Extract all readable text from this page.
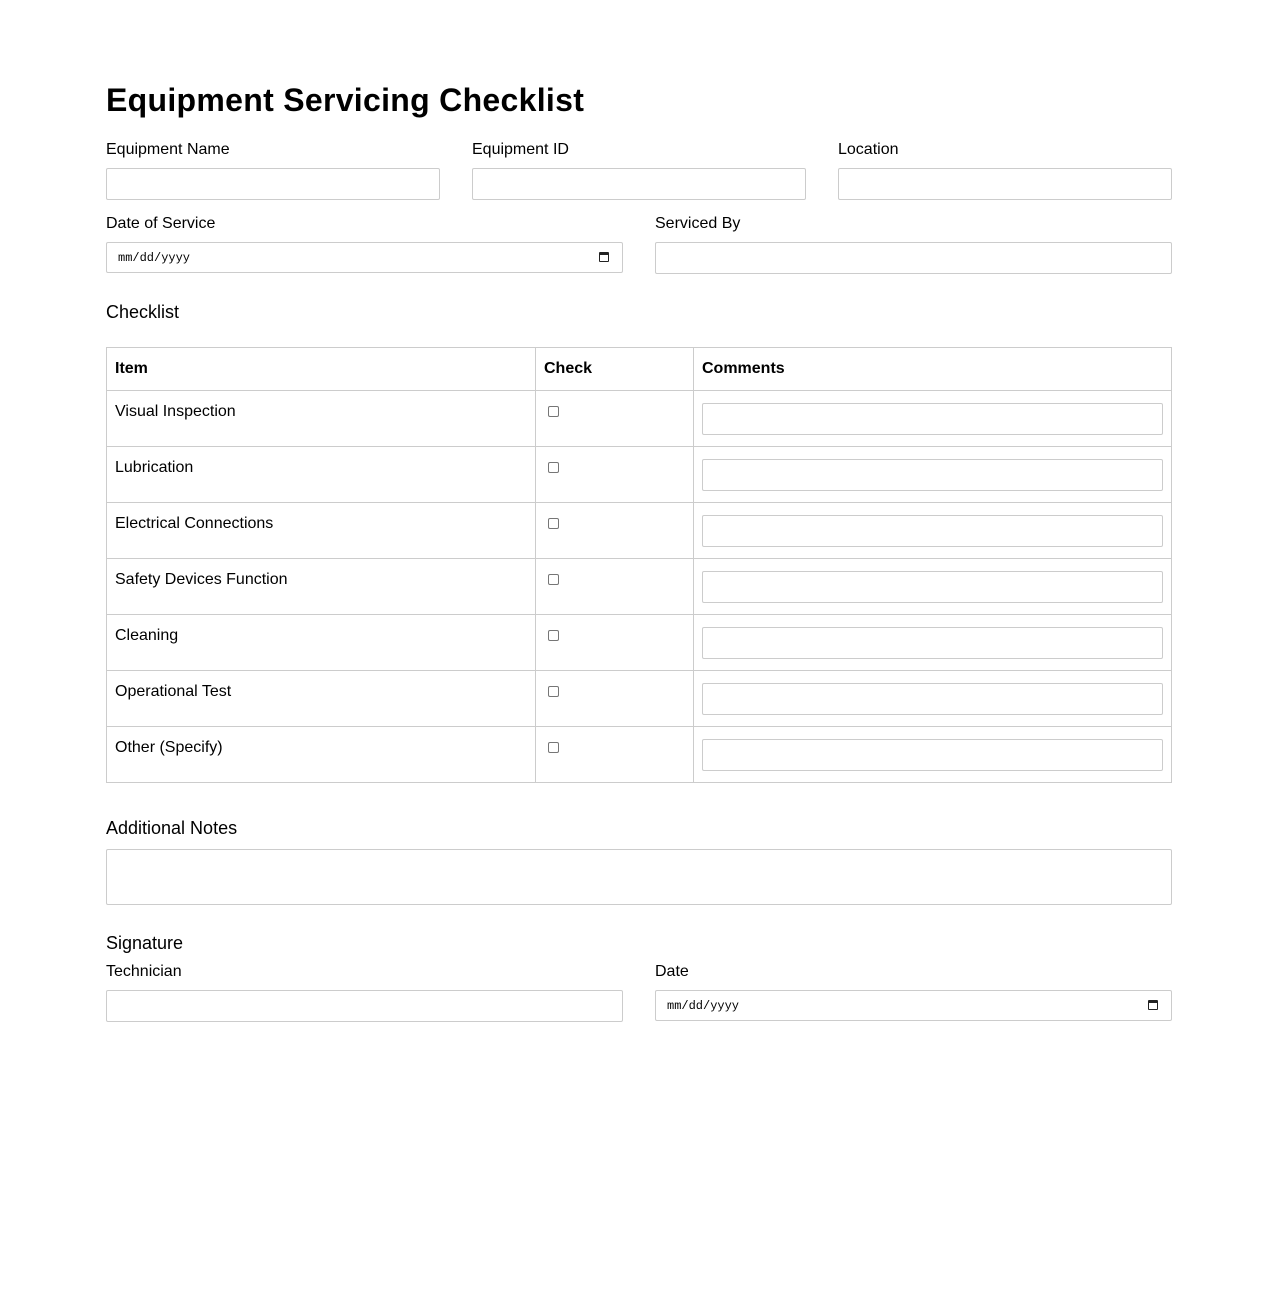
Equipment Servicing Checklist
Equipment Name	Equipment ID	Location
Date of Service
mm/dd/yyyy
Serviced By
Checklist
Item	Check	Comments
Visual Inspection	

Lubrication	

Electrical Connections	

Safety Devices Function	

Cleaning	

Operational Test	

Other (Specify)	

Additional Notes
Signature
Technician	Date
mm/dd/yyyy
